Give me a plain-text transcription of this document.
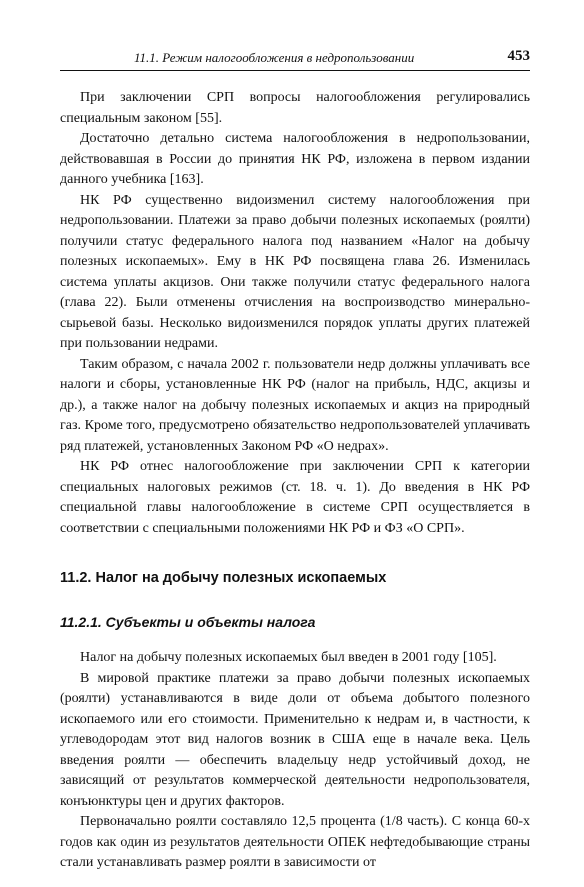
11.1. Режим налогообложения в недропользовании	453

При заключении СРП вопросы налогообложения регулировались специальным законом [55].

Достаточно детально система налогообложения в недропользовании, действовавшая в России до принятия НК РФ, изложена в первом издании данного учебника [163].

НК РФ существенно видоизменил систему налогообложения при недропользовании. Платежи за право добычи полезных ископаемых (роялти) получили статус федерального налога под названием «Налог на добычу полезных ископаемых». Ему в НК РФ посвящена глава 26. Изменилась система уплаты акцизов. Они также получили статус федерального налога (глава 22). Были отменены отчисления на воспроизводство минерально-сырьевой базы. Несколько видоизменился порядок уплаты других платежей при пользовании недрами.

Таким образом, с начала 2002 г. пользователи недр должны уплачивать все налоги и сборы, установленные НК РФ (налог на прибыль, НДС, акцизы и др.), а также налог на добычу полезных ископаемых и акциз на природный газ. Кроме того, предусмотрено обязательство недропользователей уплачивать ряд платежей, установленных Законом РФ «О недрах».

НК РФ отнес налогообложение при заключении СРП к категории специальных налоговых режимов (ст. 18. ч. 1). До введения в НК РФ специальной главы налогообложение в системе СРП осуществляется в соответствии с специальными положениями НК РФ и ФЗ «О СРП».

11.2. Налог на добычу полезных ископаемых
11.2.1. Субъекты и объекты налога

Налог на добычу полезных ископаемых был введен в 2001 году [105].

В мировой практике платежи за право добычи полезных ископаемых (роялти) устанавливаются в виде доли от объема добытого полезного ископаемого или его стоимости. Применительно к недрам и, в частности, к углеводородам этот вид налогов возник в США еще в начале века. Цель введения роялти — обеспечить владельцу недр устойчивый доход, не зависящий от результатов коммерческой деятельности недропользователя, конъюнктуры цен и других факторов.

Первоначально роялти составляло 12,5 процента (1/8 часть). С конца 60-х годов как один из результатов деятельности ОПЕК нефтедобывающие страны стали устанавливать размер роялти в зависимости от
